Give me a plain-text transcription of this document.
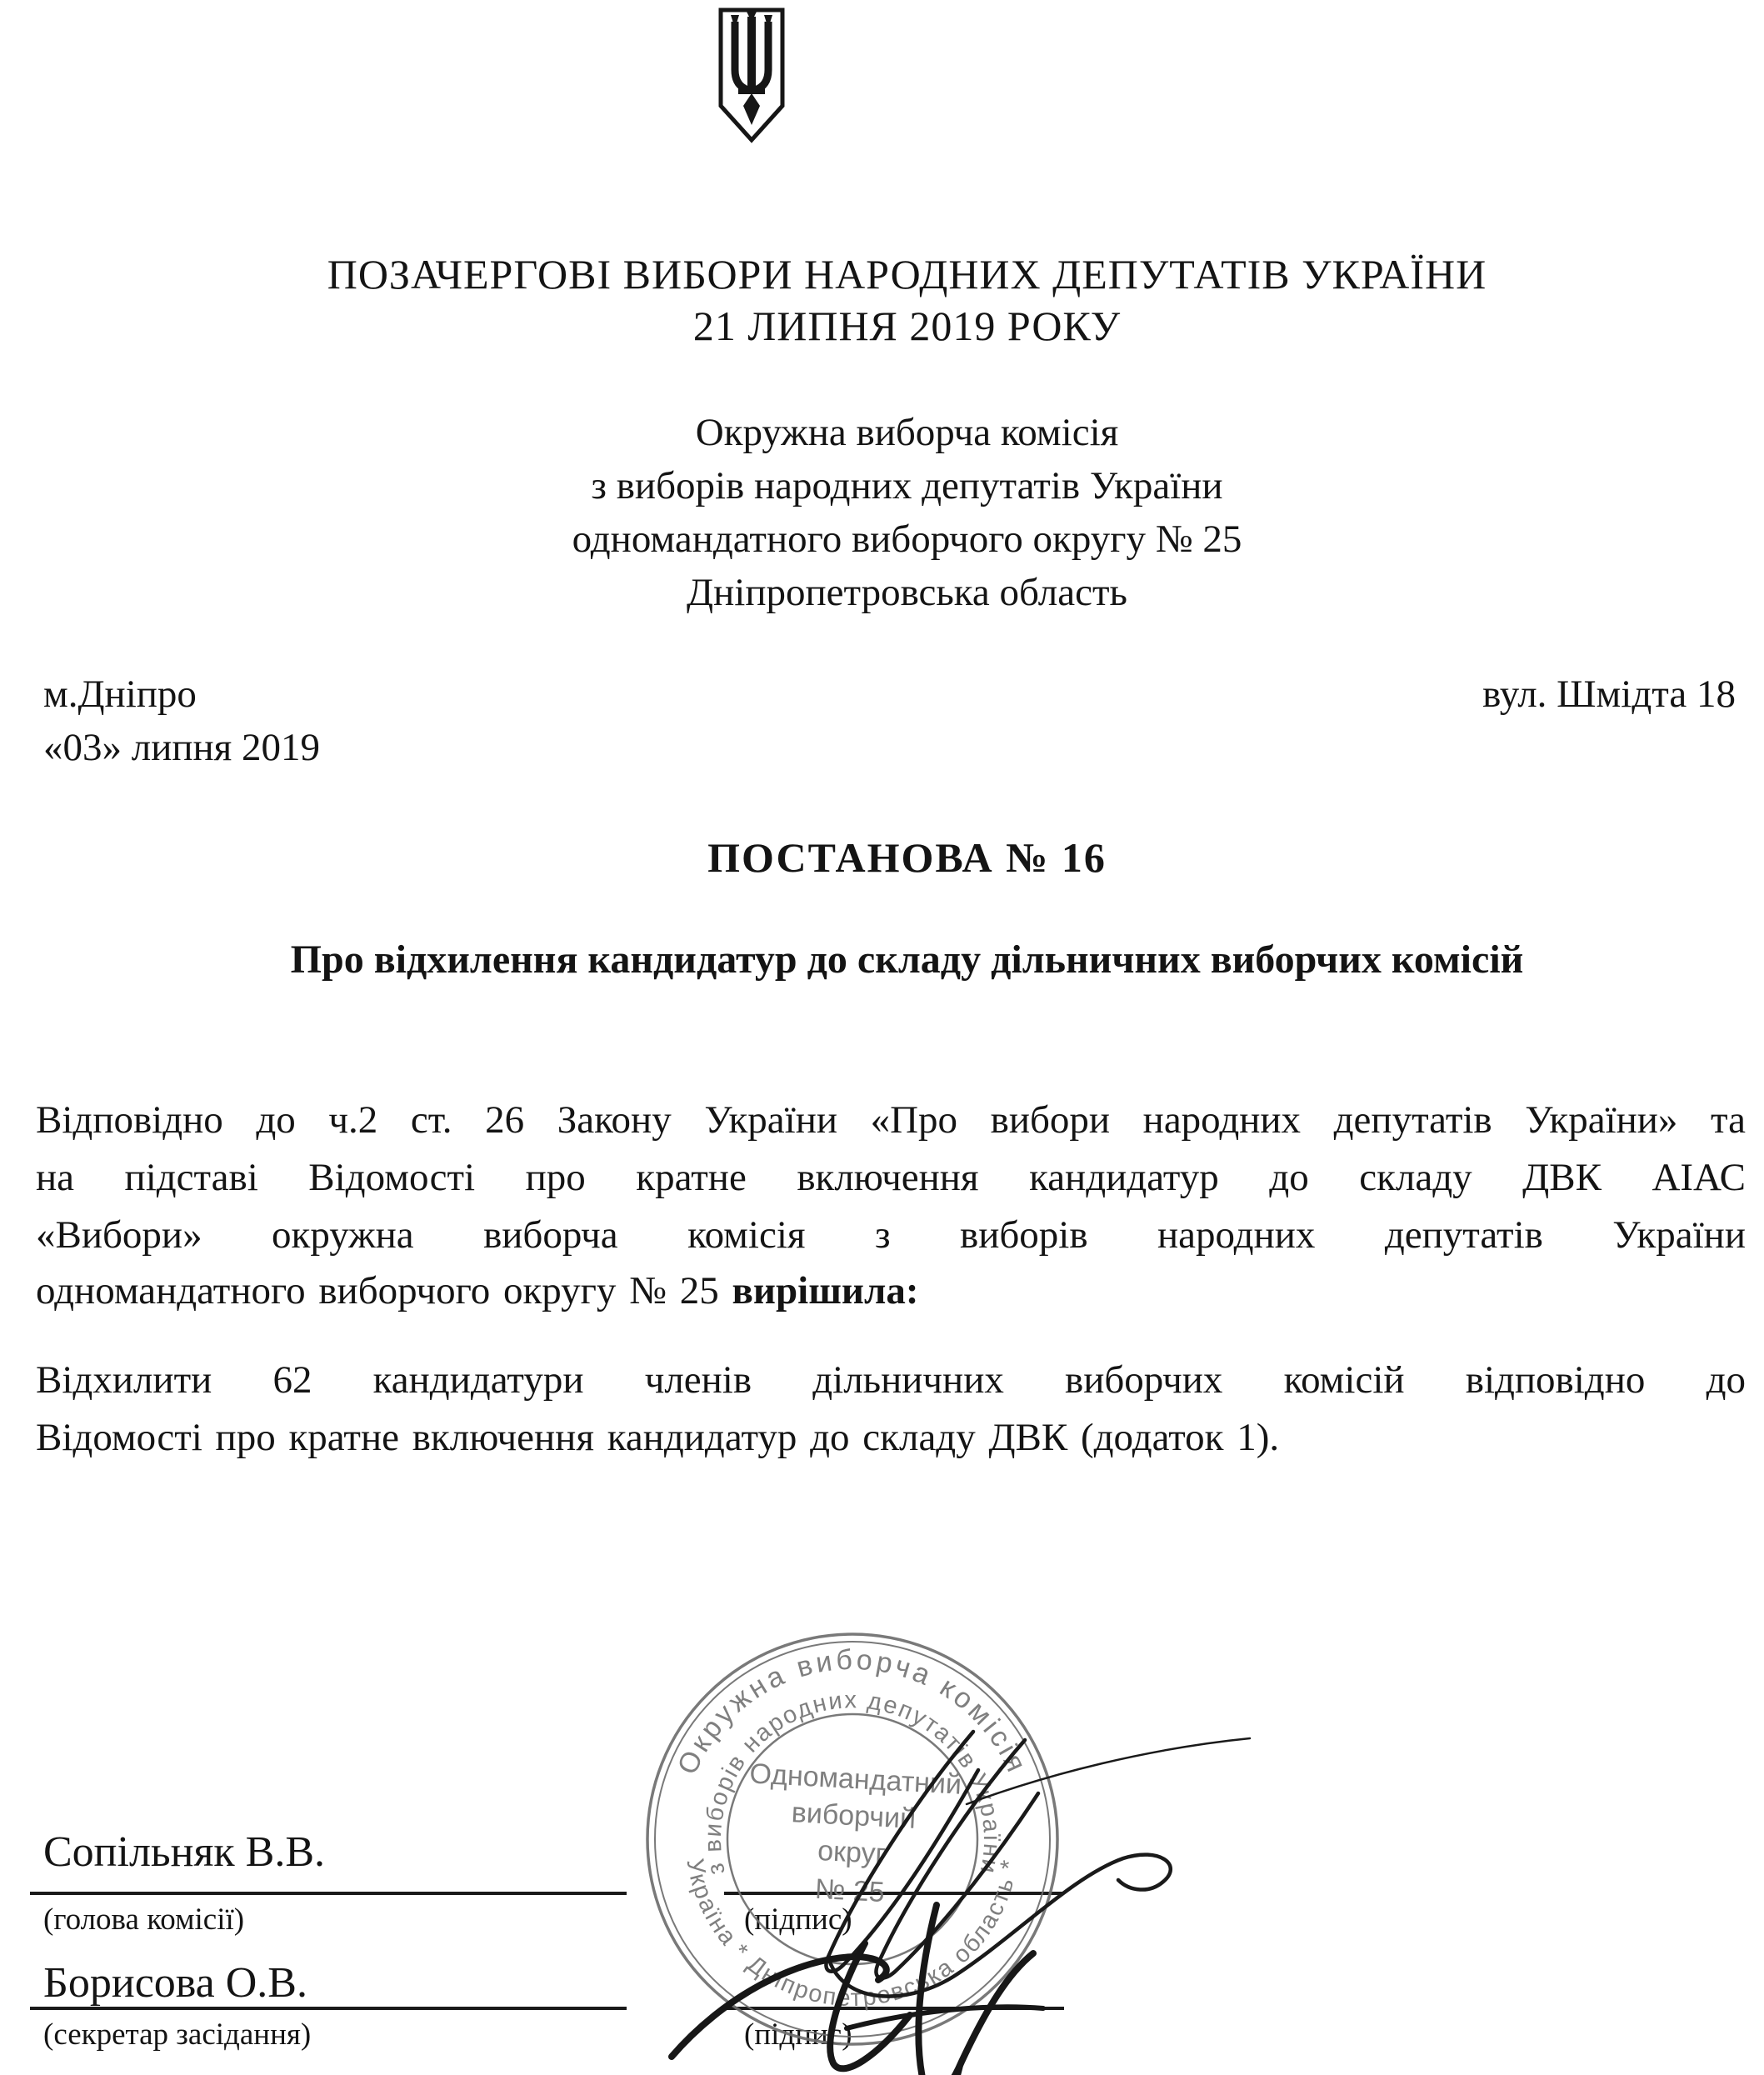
ПОЗАЧЕРГОВІ ВИБОРИ НАРОДНИХ ДЕПУТАТІВ УКРАЇНИ
21 ЛИПНЯ 2019 РОКУ
Окружна виборча комісія
з виборів народних депутатів України
одномандатного виборчого округу № 25
Дніпропетровська область
м.Дніпро	вул. Шмідта 18
«03» липня 2019
ПОСТАНОВА № 16
Про відхилення кандидатур до складу дільничних виборчих комісій
Відповідно до ч.2 ст. 26 Закону України «Про вибори народних депутатів України» та
на підставі Відомості про кратне включення кандидатур до складу ДВК АІАС
«Вибори» окружна виборча комісія з виборів народних депутатів України
одномандатного виборчого округу № 25 вирішила:
Відхилити 62 кандидатури членів дільничних виборчих комісій відповідно до
Відомості про кратне включення кандидатур до складу ДВК (додаток 1).
Сопільняк В.В.
(голова комісії)	(підпис)
Борисова О.В.
(секретар засідання)	(підпис)
Окружна виборча комісія
з виборів народних депутатів України
Україна * Дніпропетровська область *
Одномандатний
виборчий
округ
№ 25
